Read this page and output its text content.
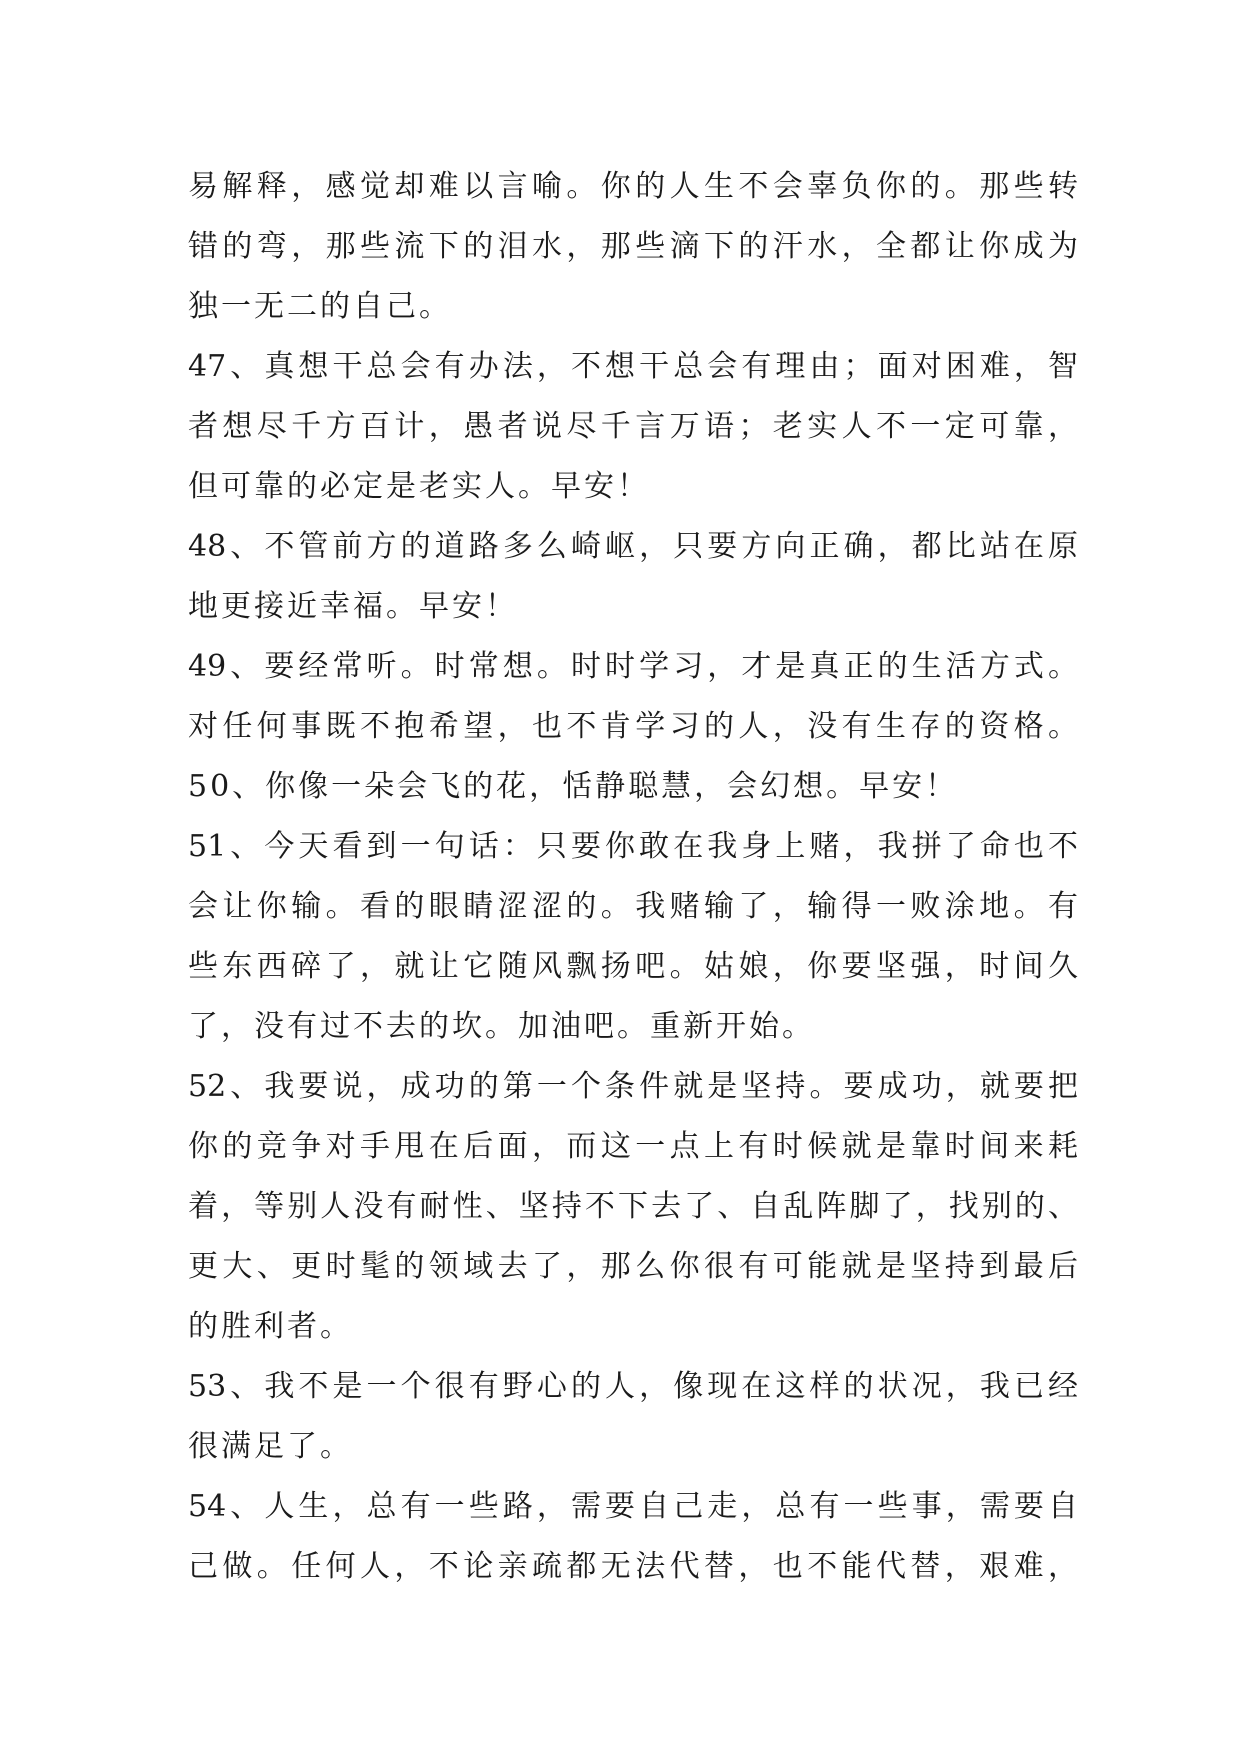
易解释，感觉却难以言喻。你的人生不会辜负你的。那些转
错的弯，那些流下的泪水，那些滴下的汗水，全都让你成为
独一无二的自己。
47、真想干总会有办法，不想干总会有理由；面对困难，智
者想尽千方百计，愚者说尽千言万语；老实人不一定可靠，
但可靠的必定是老实人。早安！
48、不管前方的道路多么崎岖，只要方向正确，都比站在原
地更接近幸福。早安！
49、要经常听。时常想。时时学习，才是真正的生活方式。
对任何事既不抱希望，也不肯学习的人，没有生存的资格。
50、你像一朵会飞的花，恬静聪慧，会幻想。早安！
51、今天看到一句话：只要你敢在我身上赌，我拼了命也不
会让你输。看的眼睛涩涩的。我赌输了，输得一败涂地。有
些东西碎了，就让它随风飘扬吧。姑娘，你要坚强，时间久
了，没有过不去的坎。加油吧。重新开始。
52、我要说，成功的第一个条件就是坚持。要成功，就要把
你的竞争对手甩在后面，而这一点上有时候就是靠时间来耗
着，等别人没有耐性、坚持不下去了、自乱阵脚了，找别的、
更大、更时髦的领域去了，那么你很有可能就是坚持到最后
的胜利者。
53、我不是一个很有野心的人，像现在这样的状况，我已经
很满足了。
54、人生，总有一些路，需要自己走，总有一些事，需要自
己做。任何人，不论亲疏都无法代替，也不能代替，艰难，
